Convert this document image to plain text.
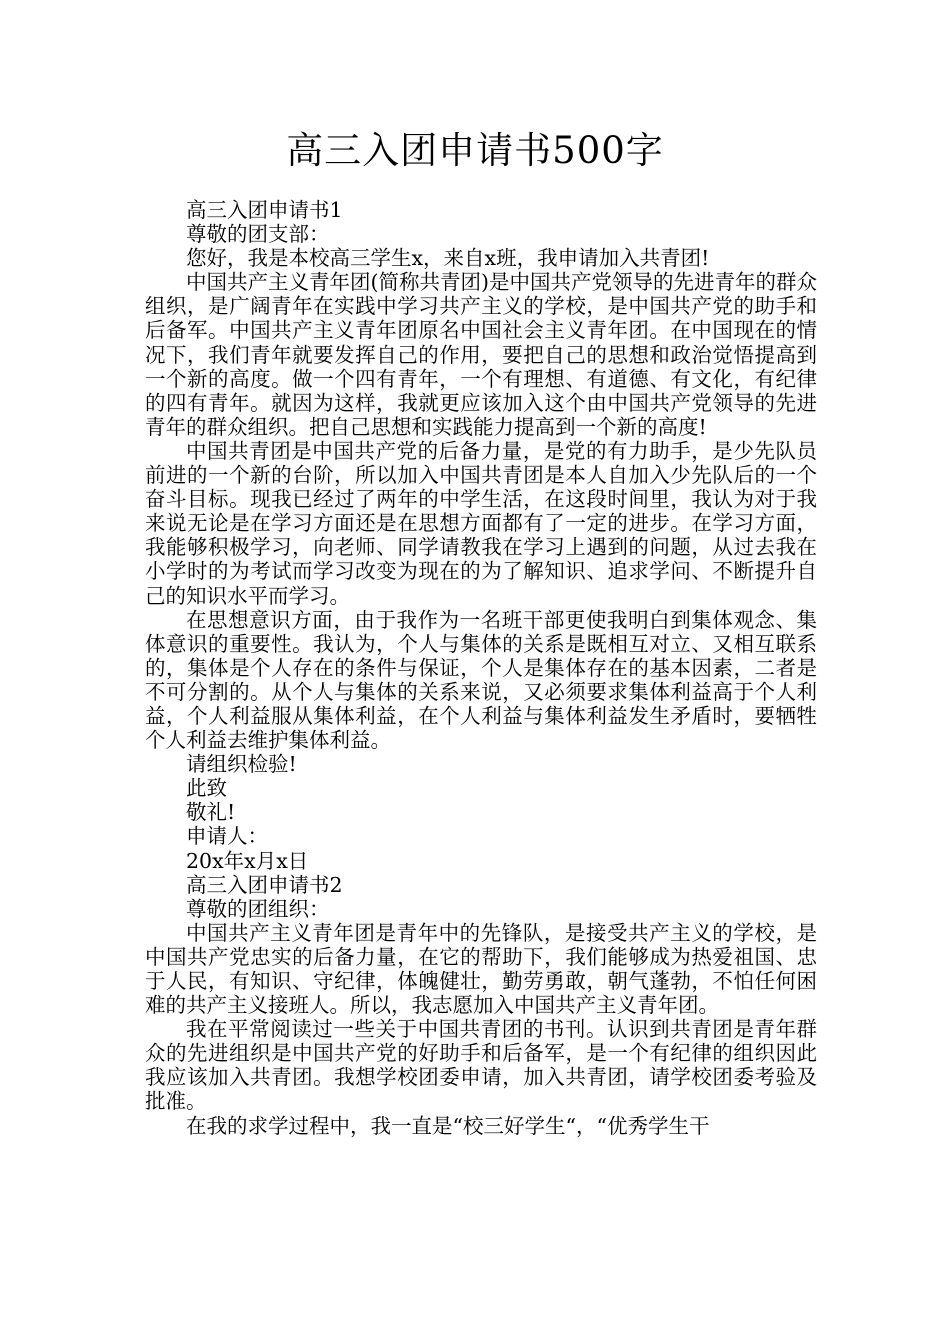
高三入团申请书500字
高三入团申请书1
尊敬的团支部：
您好，我是本校高三学生x，来自x班，我申请加入共青团!

中国共产主义青年团(简称共青团)是中国共产党领导的先进青年的群众组织，是广阔青年在实践中学习共产主义的学校，是中国共产党的助手和后备军。中国共产主义青年团原名中国社会主义青年团。在中国现在的情况下，我们青年就要发挥自己的作用，要把自己的思想和政治觉悟提高到一个新的高度。做一个四有青年，一个有理想、有道德、有文化，有纪律的四有青年。就因为这样，我就更应该加入这个由中国共产党领导的先进青年的群众组织。把自己思想和实践能力提高到一个新的高度!

中国共青团是中国共产党的后备力量，是党的有力助手，是少先队员前进的一个新的台阶，所以加入中国共青团是本人自加入少先队后的一个奋斗目标。现我已经过了两年的中学生活，在这段时间里，我认为对于我来说无论是在学习方面还是在思想方面都有了一定的进步。在学习方面，我能够积极学习，向老师、同学请教我在学习上遇到的问题，从过去我在小学时的为考试而学习改变为现在的为了解知识、追求学问、不断提升自己的知识水平而学习。

在思想意识方面，由于我作为一名班干部更使我明白到集体观念、集体意识的重要性。我认为，个人与集体的关系是既相互对立、又相互联系的，集体是个人存在的条件与保证，个人是集体存在的基本因素，二者是不可分割的。从个人与集体的关系来说，又必须要求集体利益高于个人利益，个人利益服从集体利益，在个人利益与集体利益发生矛盾时，要牺牲个人利益去维护集体利益。

请组织检验!
此致
敬礼!
申请人：
20x年x月x日
高三入团申请书2
尊敬的团组织：

中国共产主义青年团是青年中的先锋队，是接受共产主义的学校，是中国共产党忠实的后备力量，在它的帮助下，我们能够成为热爱祖国、忠于人民，有知识、守纪律，体魄健壮，勤劳勇敢，朝气蓬勃，不怕任何困难的共产主义接班人。所以，我志愿加入中国共产主义青年团。

我在平常阅读过一些关于中国共青团的书刊。认识到共青团是青年群众的先进组织是中国共产党的好助手和后备军，是一个有纪律的组织因此我应该加入共青团。我想学校团委申请，加入共青团，请学校团委考验及批准。

在我的求学过程中，我一直是“校三好学生“，“优秀学生干
